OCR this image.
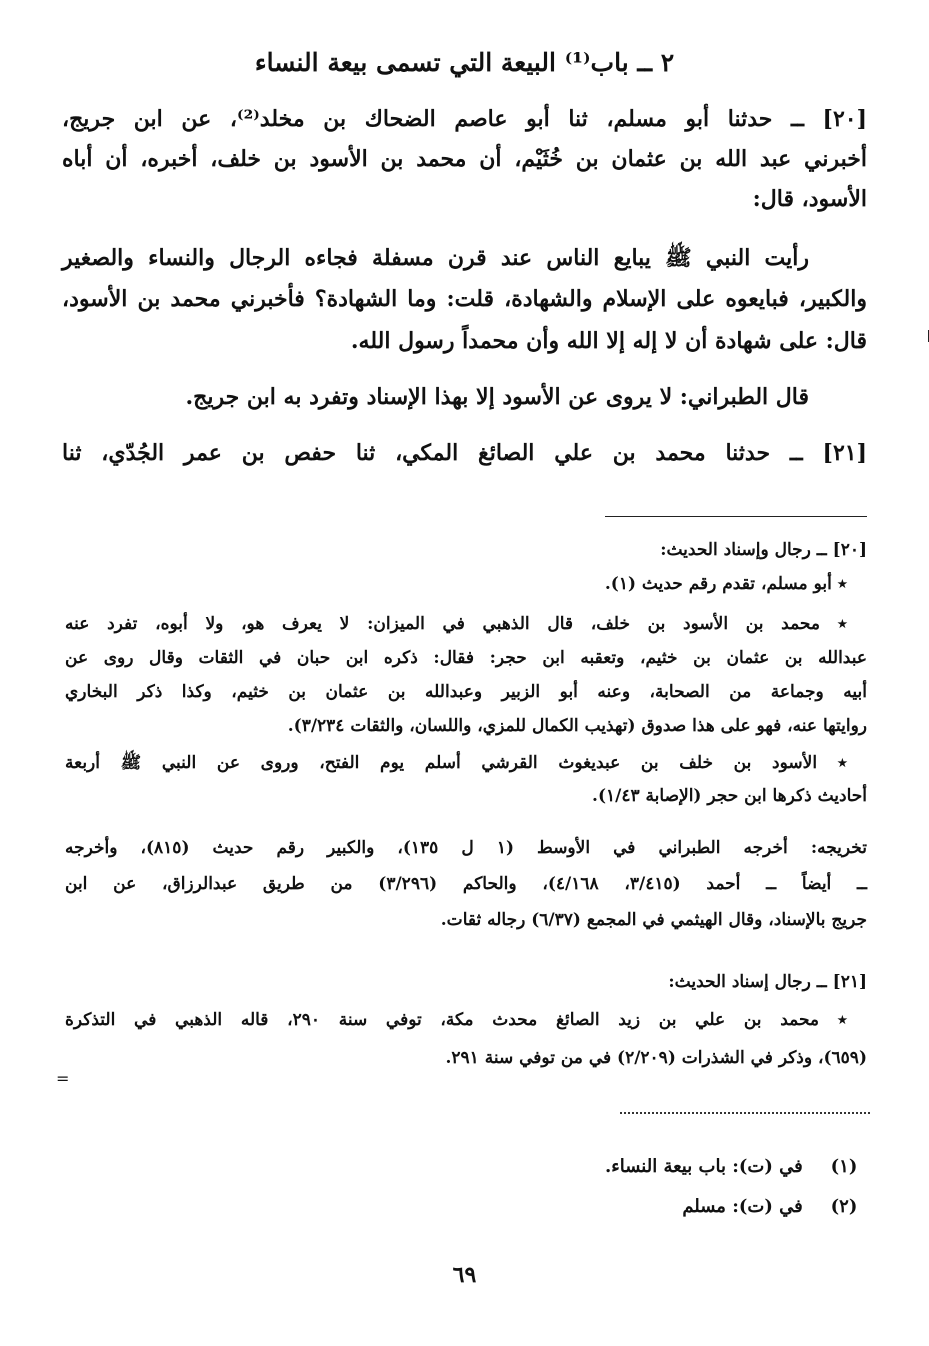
٢ ــ باب⁽¹⁾ البيعة التي تسمى بيعة النساء
[٢٠] ــ حدثنا أبو مسلم، ثنا أبو عاصم الضحاك بن مخلد⁽²⁾، عن ابن جريج،
أخبرني عبد الله بن عثمان بن خُثَيْم، أن محمد بن الأسود بن خلف، أخبره، أن أباه
الأسود، قال:
رأيت النبي ﷺ يبايع الناس عند قرن مسفلة فجاءه الرجال والنساء والصغير
والكبير، فبايعوه على الإسلام والشهادة، قلت: وما الشهادة؟ فأخبرني محمد بن الأسود،
قال: على شهادة أن لا إله إلا الله وأن محمداً رسول الله.
قال الطبراني: لا يروى عن الأسود إلا بهذا الإسناد وتفرد به ابن جريج.
[٢١] ــ حدثنا محمد بن علي الصائغ المكي، ثنا حفص بن عمر الجُدّي، ثنا
[٢٠] ــ رجال وإسناد الحديث:
٭ أبو مسلم، تقدم رقم حديث (١).
٭ محمد بن الأسود بن خلف، قال الذهبي في الميزان: لا يعرف هو، ولا أبوه، تفرد عنه
عبدالله بن عثمان بن خثيم، وتعقبه ابن حجر: فقال: ذكره ابن حبان في الثقات وقال روى عن
أبيه وجماعة من الصحابة، وعنه أبو الزبير وعبدالله بن عثمان بن خثيم، وكذا ذكر البخاري
روايتها عنه، فهو على هذا صدوق (تهذيب الكمال للمزي، واللسان، والثقات ٣/٢٣٤).
٭ الأسود بن خلف بن عبديغوث القرشي أسلم يوم الفتح، وروى عن النبي ﷺ أربعة
أحاديث ذكرها ابن حجر (الإصابة ١/٤٣).
تخريجه: أخرجه الطبراني في الأوسط (١ ل ١٣٥)، والكبير رقم حديث (٨١٥)، وأخرجه
ــ أيضاً ــ أحمد (٣/٤١٥، ٤/١٦٨)، والحاكم (٣/٢٩٦) من طريق عبدالرزاق، عن ابن
جريج بالإسناد، وقال الهيثمي في المجمع (٦/٣٧) رجاله ثقات.
[٢١] ــ رجال إسناد الحديث:
٭ محمد بن علي بن زيد الصائغ محدث مكة، توفي سنة ٢٩٠، قاله الذهبي في التذكرة
(٦٥٩)، وذكر في الشذرات (٢/٢٠٩) في من توفي سنة ٢٩١.
(١) في (ت): باب بيعة النساء.
(٢) في (ت): مسلم
٦٩
=
